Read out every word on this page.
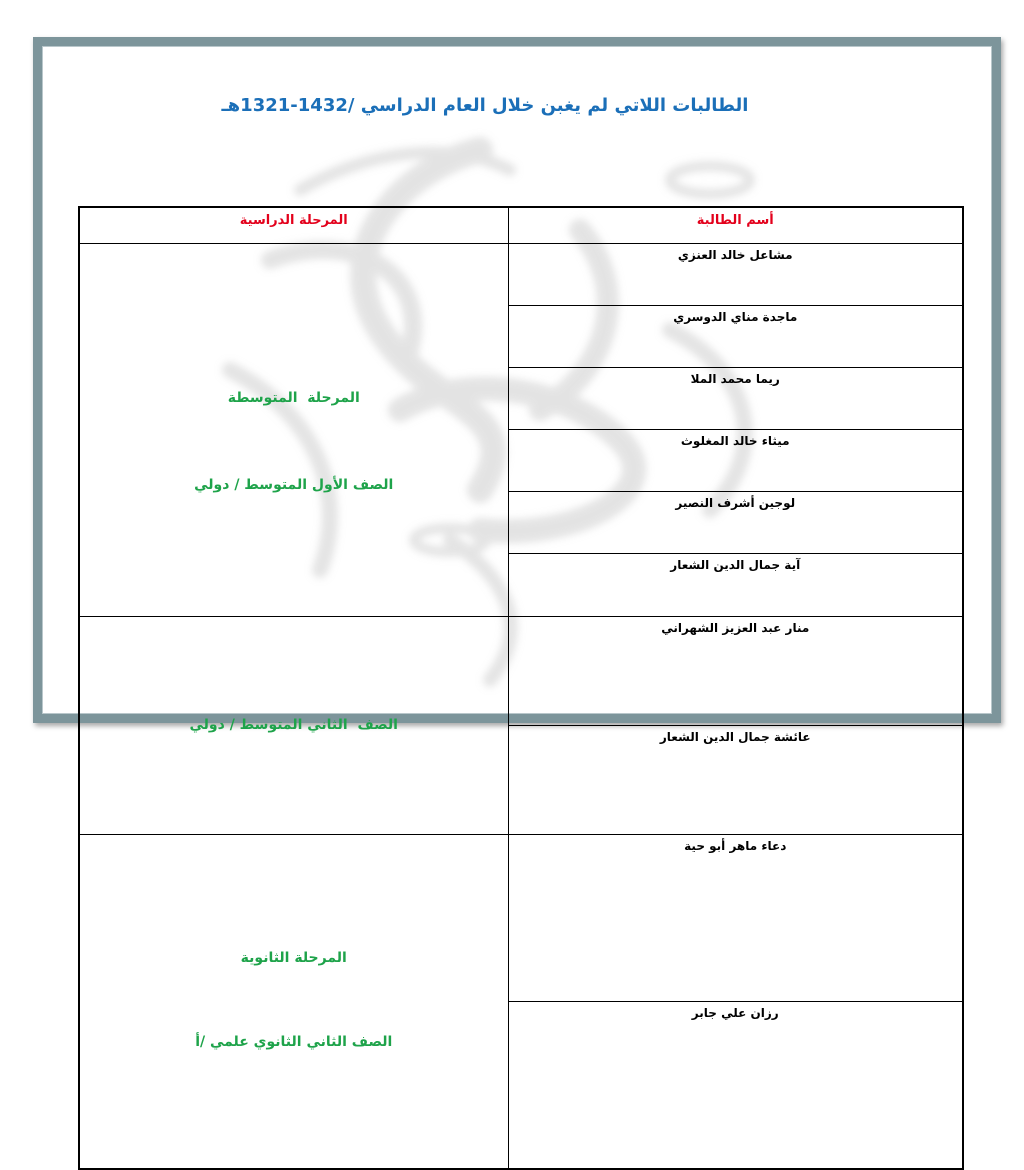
الطالبات اللاتي لم يغبن خلال العام الدراسي /1432-1321هـ
أسم الطالبة	المرحلة الدراسية
مشاعل خالد العنزي	المرحلة  المتوسطة

الصف الأول المتوسط / دولي

ماجدة مناي الدوسري	
ريما محمد الملا	
ميثاء خالد المغلوث	
لوجين أشرف النصير	
آية جمال الدين الشعار	
منار عبد العزيز الشهراني	الصف  الثاني المتوسط / دولي

عائشة جمال الدين الشعار	
دعاء ماهر أبو حية	المرحلة الثانوية

الصف الثاني الثانوي علمي /أ

رزان علي جابر	
